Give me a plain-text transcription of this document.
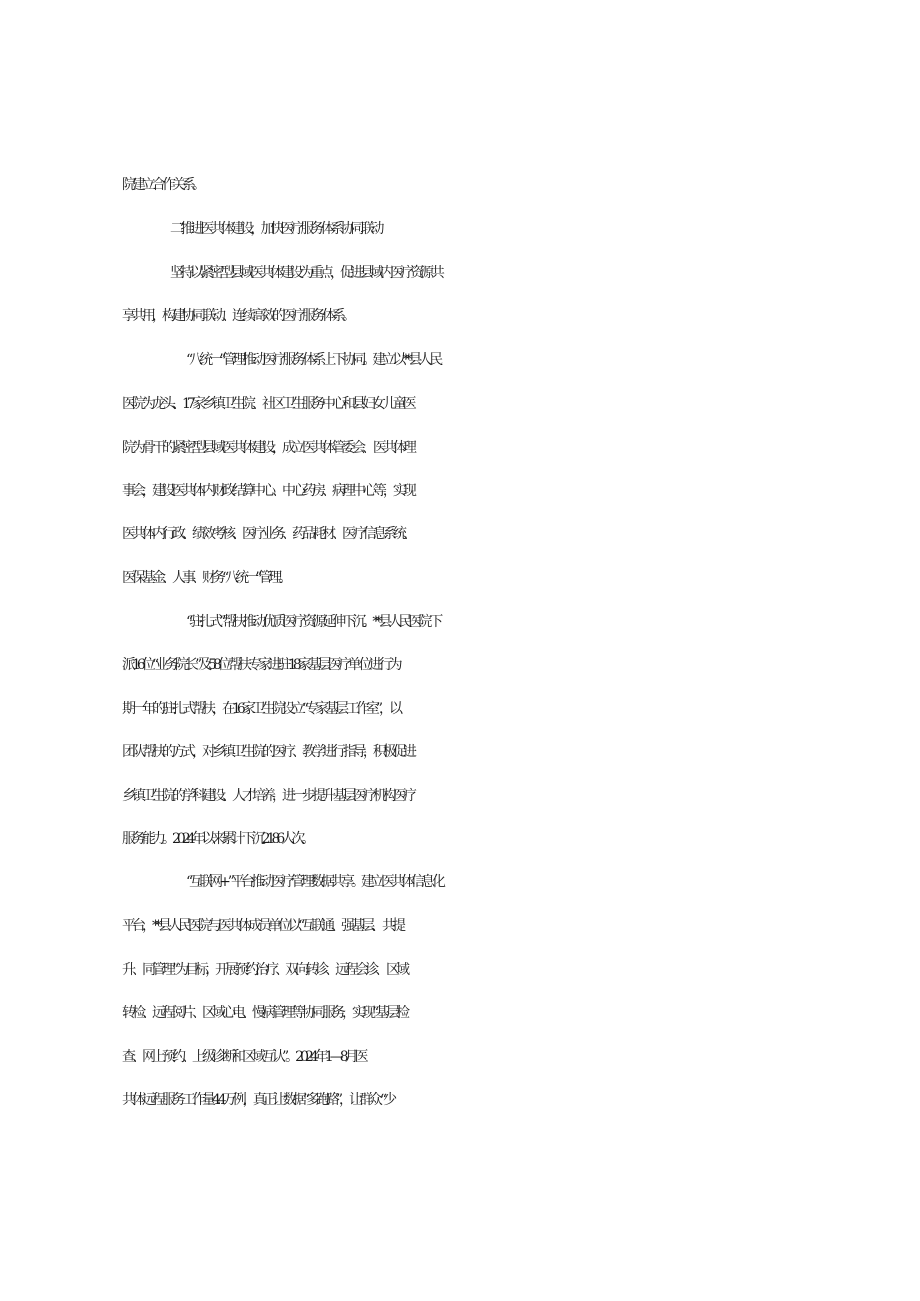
院建立合作关系。
二’推进医共体建设，加快医疗服务体系协同联动
坚持以紧密型县域医共体建设为重点，促进县域内医疗资源  共
享共用，构建协同联动、连续高效的医疗服务体系。
“八统一”管理推动医疗服务体系上下协同。建立以**县人  民
医院为龙头、17家乡镇卫生院、社区卫生服务中心和县妇女  儿童医
院为骨干的紧密型县域医共体建设，成立医共体管委会、  医共体理
事会，建设医共体内财政结算中心、中心药房、病理中  心等，实现
医共体内行政、绩效考核、医疗业务、药品耗材、医  疗信息系统、
医保基金、人事、财务“八统一”管理。
“驻扎式”帮扶推动优质医疗资源延伸下沉。**县人民医院  下
派16位“业务院长”及58位帮扶专家进驻18家基层医疗单  位进行为
期一年的驻扎式帮扶，在16家卫生院设立“专家基层  工作室”，以
团队帮扶的方式，对乡镇卫生院的医疗、教学进行  指导，积极促进
乡镇卫生院的学科建设、人才培养，进一步提升  基层医疗机构医疗
服务能力。2024年以来累计下沉2186人次。
“互联网+  ”平台推动医疗管理数据共享。建立医共体信息  化
平台，**县人民医院与医共体成员单位以“互联通、强基层、  共提
升、同管理”为目标，开展预约治疗、双向转诊、远程会诊、  区域
转检、远程阅片、区域心电、慢病管理等协同服务，实现“基  层检
查、网上预约、上级诊断和区域互认”。2024年1—8月医
共体远程服务工作量4. 4万例，真正让数据“多跑路”，让群众  “少
